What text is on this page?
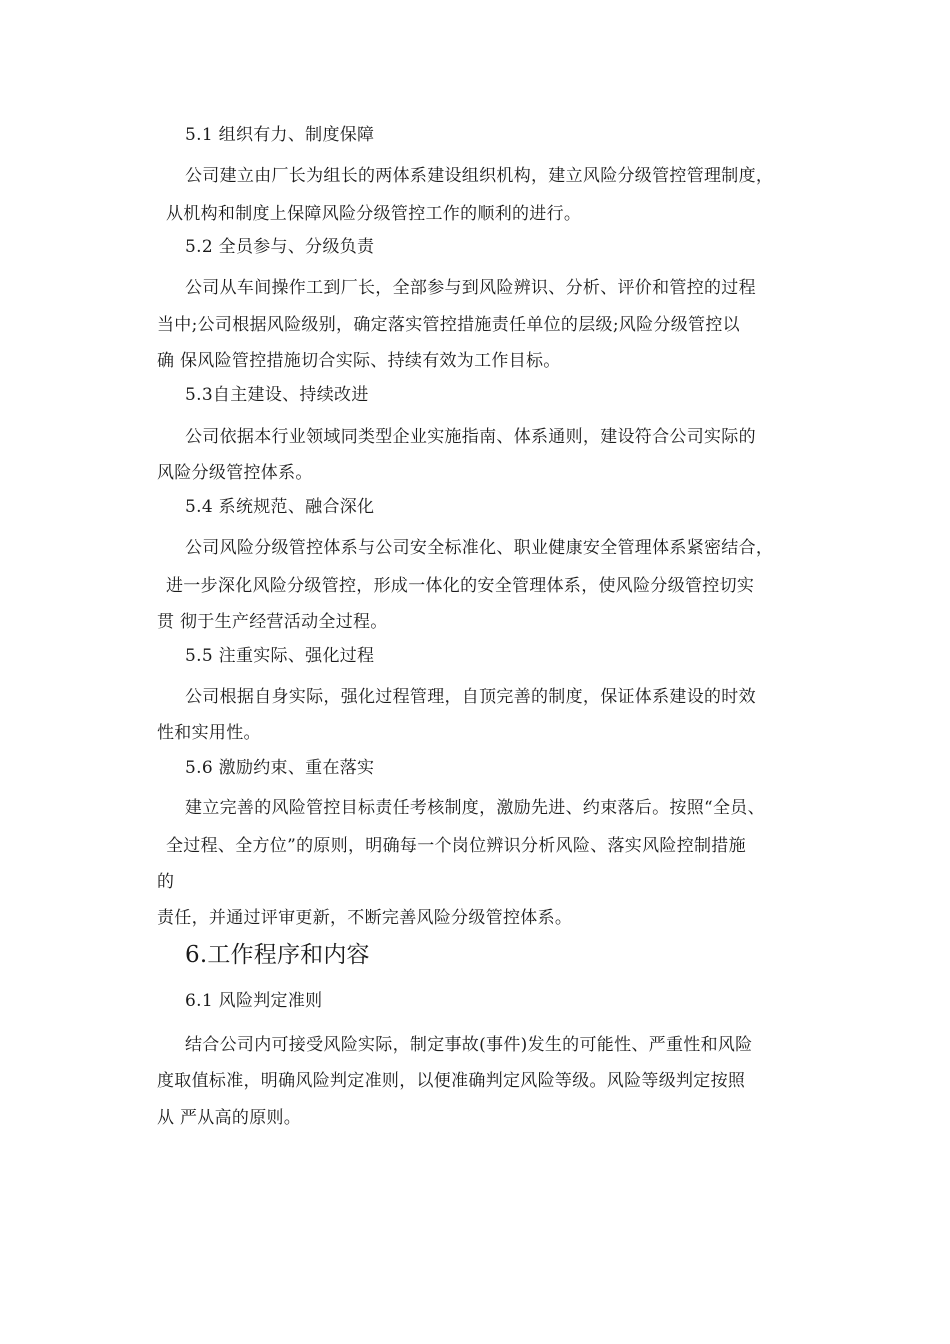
5.1 组织有力、制度保障
公司建立由厂长为组长的两体系建设组织机构，建立风险分级管控管理制度，
从机构和制度上保障风险分级管控工作的顺利的进行。
5.2 全员参与、分级负责
公司从车间操作工到厂长，全部参与到风险辨识、分析、评价和管控的过程
当中;公司根据风险级别，确定落实管控措施责任单位的层级;风险分级管控以
确 保风险管控措施切合实际、持续有效为工作目标。
5.3自主建设、持续改进
公司依据本行业领域同类型企业实施指南、体系通则，建设符合公司实际的
风险分级管控体系。
5.4 系统规范、融合深化
公司风险分级管控体系与公司安全标准化、职业健康安全管理体系紧密结合，
进一步深化风险分级管控，形成一体化的安全管理体系，使风险分级管控切实
贯 彻于生产经营活动全过程。
5.5 注重实际、强化过程
公司根据自身实际，强化过程管理，自顶完善的制度，保证体系建设的时效
性和实用性。
5.6 激励约束、重在落实
建立完善的风险管控目标责任考核制度，激励先进、约束落后。按照“全员、
全过程、全方位”的原则，明确每一个岗位辨识分析风险、落实风险控制措施
的
责任，并通过评审更新，不断完善风险分级管控体系。
6.工作程序和内容
6.1 风险判定准则
结合公司内可接受风险实际，制定事故(事件)发生的可能性、严重性和风险
度取值标准，明确风险判定准则，以便准确判定风险等级。风险等级判定按照
从 严从高的原则。
